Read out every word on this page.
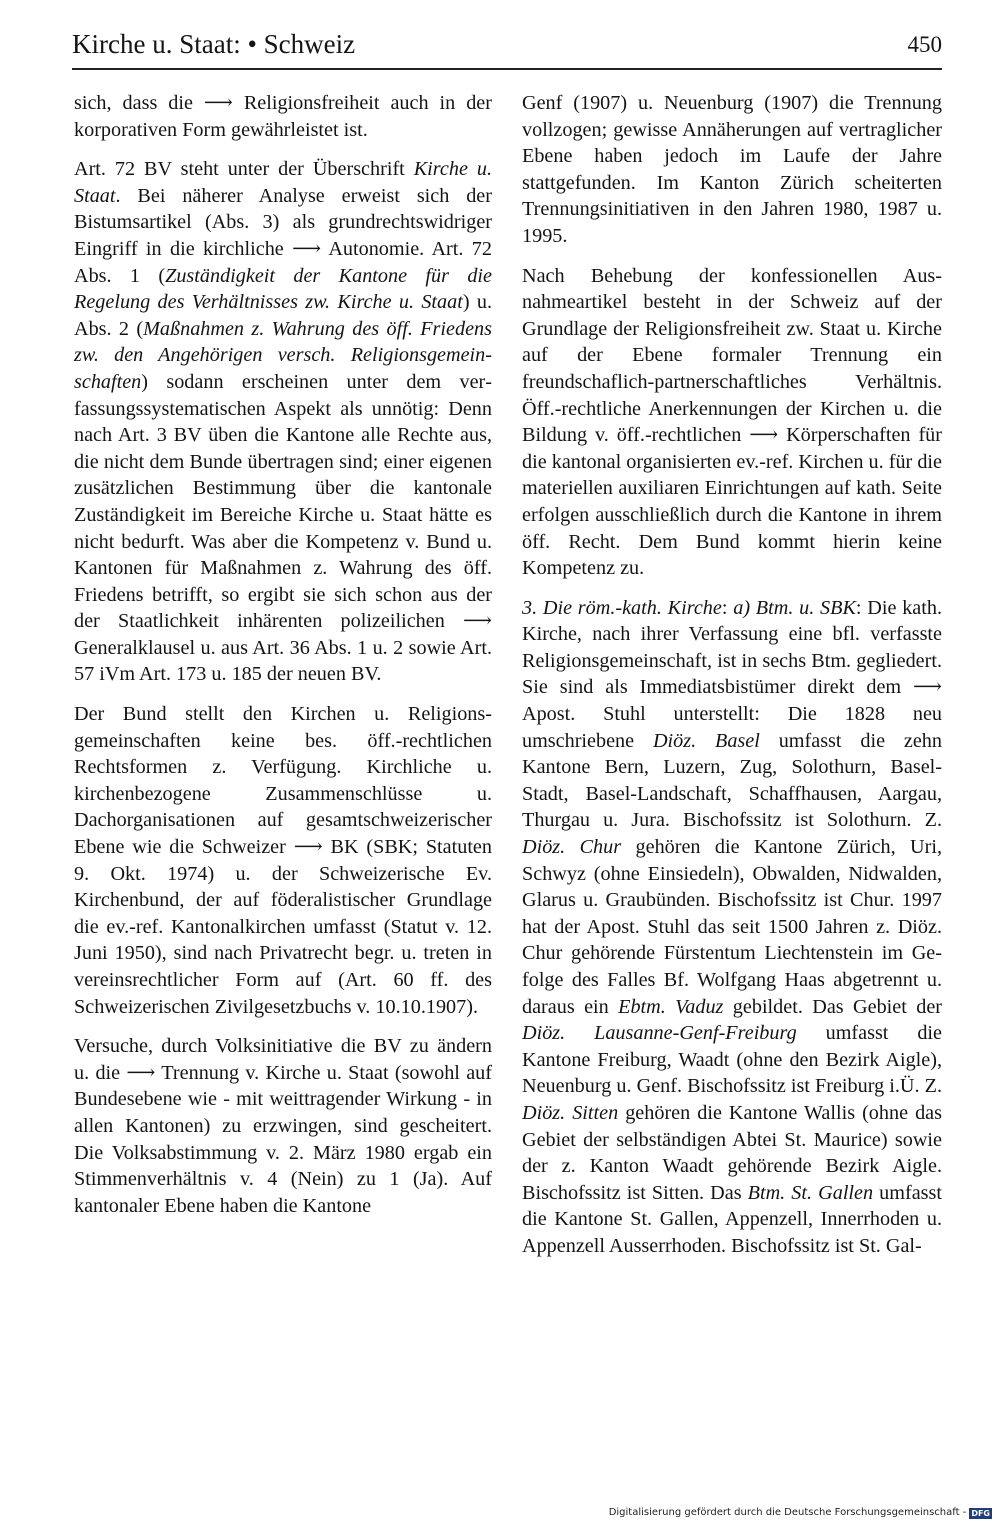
Kirche u. Staat: • Schweiz	450

sich, dass die ⟶ Religionsfreiheit auch in der korporativen Form gewährleistet ist.

Art. 72 BV steht unter der Überschrift Kirche u. Staat. Bei näherer Analyse erweist sich der Bistumsartikel (Abs. 3) als grundrechtswidriger Eingriff in die kirchliche ⟶ Autonomie. Art. 72 Abs. 1 (Zuständigkeit der Kantone für die Regelung des Verhältnisses zw. Kirche u. Staat) u. Abs. 2 (Maßnahmen z. Wahrung des öff. Friedens zw. den Angehörigen versch. Religionsgemeinschaften) sodann erscheinen unter dem verfassungssystematischen Aspekt als unnötig: Denn nach Art. 3 BV üben die Kantone alle Rechte aus, die nicht dem Bunde übertragen sind; einer eigenen zusätzlichen Bestimmung über die kantonale Zuständigkeit im Bereiche Kirche u. Staat hätte es nicht bedurft. Was aber die Kompetenz v. Bund u. Kantonen für Maßnahmen z. Wahrung des öff. Friedens betrifft, so ergibt sie sich schon aus der der Staatlichkeit inhärenten polizeilichen ⟶ Generalklausel u. aus Art. 36 Abs. 1 u. 2 sowie Art. 57 iVm Art. 173 u. 185 der neuen BV.

Der Bund stellt den Kirchen u. Religionsgemeinschaften keine bes. öff.-rechtlichen Rechtsformen z. Verfügung. Kirchliche u. kirchenbezogene Zusammenschlüsse u. Dachorganisationen auf gesamtschweizerischer Ebene wie die Schweizer ⟶ BK (SBK; Statuten 9. Okt. 1974) u. der Schweizerische Ev. Kirchenbund, der auf föderalistischer Grundlage die ev.-ref. Kantonalkirchen umfasst (Statut v. 12. Juni 1950), sind nach Privatrecht begr. u. treten in vereinsrechtlicher Form auf (Art. 60 ff. des Schweizerischen Zivilgesetzbuchs v. 10.10.1907).

Versuche, durch Volksinitiative die BV zu ändern u. die ⟶ Trennung v. Kirche u. Staat (sowohl auf Bundesebene wie - mit weittragender Wirkung - in allen Kantonen) zu erzwingen, sind gescheitert. Die Volksabstimmung v. 2. März 1980 ergab ein Stimmenverhältnis v. 4 (Nein) zu 1 (Ja). Auf kantonaler Ebene haben die Kantone

Genf (1907) u. Neuenburg (1907) die Trennung vollzogen; gewisse Annäherungen auf vertraglicher Ebene haben jedoch im Laufe der Jahre stattgefunden. Im Kanton Zürich scheiterten Trennungsinitiativen in den Jahren 1980, 1987 u. 1995.

Nach Behebung der konfessionellen Ausnahmeartikel besteht in der Schweiz auf der Grundlage der Religionsfreiheit zw. Staat u. Kirche auf der Ebene formaler Trennung ein freundschaflich-partnerschaftliches Verhältnis. Öff.-rechtliche Anerkennungen der Kirchen u. die Bildung v. öff.-rechtlichen ⟶ Körperschaften für die kantonal organisierten ev.-ref. Kirchen u. für die materiellen auxiliaren Einrichtungen auf kath. Seite erfolgen ausschließlich durch die Kantone in ihrem öff. Recht. Dem Bund kommt hierin keine Kompetenz zu.

3. Die röm.-kath. Kirche: a) Btm. u. SBK: Die kath. Kirche, nach ihrer Verfassung eine bfl. verfasste Religionsgemeinschaft, ist in sechs Btm. gegliedert. Sie sind als Immediatsbistümer direkt dem ⟶ Apost. Stuhl unterstellt: Die 1828 neu umschriebene Diöz. Basel umfasst die zehn Kantone Bern, Luzern, Zug, Solothurn, Basel-Stadt, Basel-Landschaft, Schaffhausen, Aargau, Thurgau u. Jura. Bischofssitz ist Solothurn. Z. Diöz. Chur gehören die Kantone Zürich, Uri, Schwyz (ohne Einsiedeln), Obwalden, Nidwalden, Glarus u. Graubünden. Bischofssitz ist Chur. 1997 hat der Apost. Stuhl das seit 1500 Jahren z. Diöz. Chur gehörende Fürstentum Liechtenstein im Gefolge des Falles Bf. Wolfgang Haas abgetrennt u. daraus ein Ebtm. Vaduz gebildet. Das Gebiet der Diöz. Lausanne-Genf-Freiburg umfasst die Kantone Freiburg, Waadt (ohne den Bezirk Aigle), Neuenburg u. Genf. Bischofssitz ist Freiburg i.Ü. Z. Diöz. Sitten gehören die Kantone Wallis (ohne das Gebiet der selbständigen Abtei St. Maurice) sowie der z. Kanton Waadt gehörende Bezirk Aigle. Bischofssitz ist Sitten. Das Btm. St. Gallen umfasst die Kantone St. Gallen, Appenzell, Innerrhoden u. Appenzell Ausserrhoden. Bischofssitz ist St. Gal-

Digitalisierung gefördert durch die Deutsche Forschungsgemeinschaft - DFG
